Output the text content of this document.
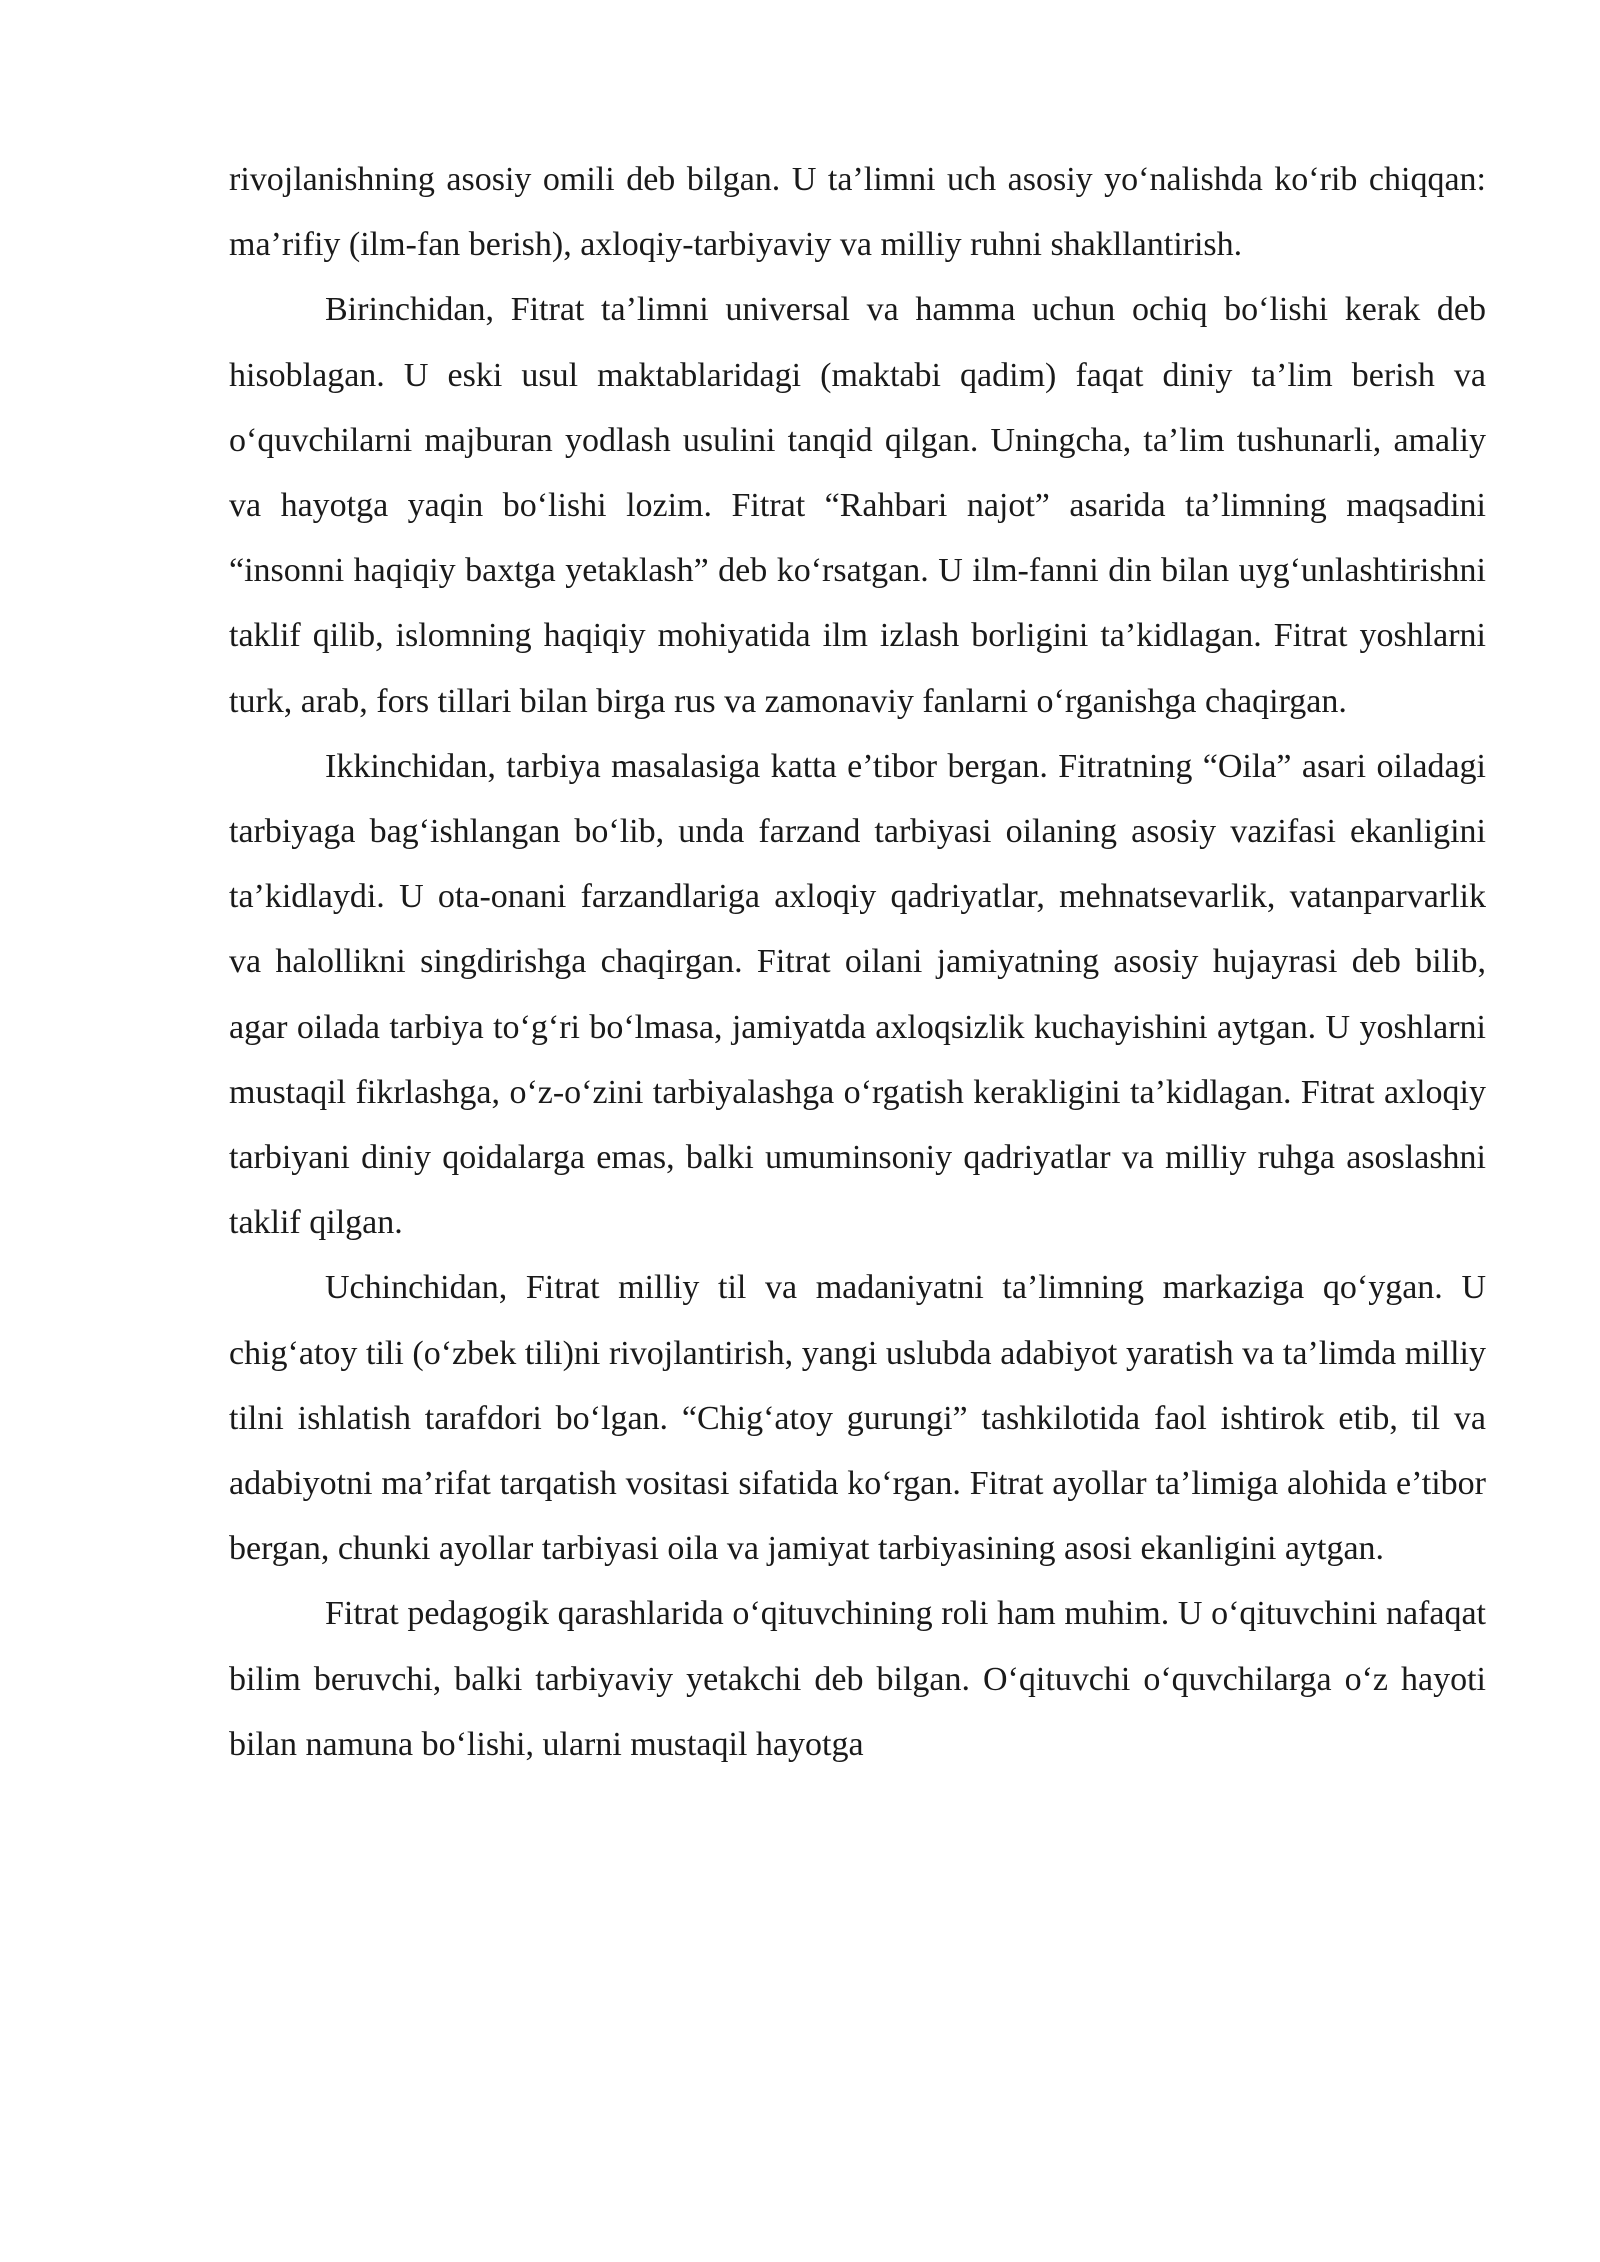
rivojlanishning asosiy omili deb bilgan. U ta’limni uch asosiy yo‘nalishda ko‘rib chiqqan: ma’rifiy (ilm-fan berish), axloqiy-tarbiyaviy va milliy ruhni shakllantirish.

Birinchidan, Fitrat ta’limni universal va hamma uchun ochiq bo‘lishi kerak deb hisoblagan. U eski usul maktablaridagi (maktabi qadim) faqat diniy ta’lim berish va o‘quvchilarni majburan yodlash usulini tanqid qilgan. Uningcha, ta’lim tushunarli, amaliy va hayotga yaqin bo‘lishi lozim. Fitrat “Rahbari najot” asarida ta’limning maqsadini “insonni haqiqiy baxtga yetaklash” deb ko‘rsatgan. U ilm-fanni din bilan uyg‘unlashtirishni taklif qilib, islomning haqiqiy mohiyatida ilm izlash borligini ta’kidlagan. Fitrat yoshlarni turk, arab, fors tillari bilan birga rus va zamonaviy fanlarni o‘rganishga chaqirgan.

Ikkinchidan, tarbiya masalasiga katta e’tibor bergan. Fitratning “Oila” asari oiladagi tarbiyaga bag‘ishlangan bo‘lib, unda farzand tarbiyasi oilaning asosiy vazifasi ekanligini ta’kidlaydi. U ota-onani farzandlariga axloqiy qadriyatlar, mehnatsevarlik, vatanparvarlik va halollikni singdirishga chaqirgan. Fitrat oilani jamiyatning asosiy hujayrasi deb bilib, agar oilada tarbiya to‘g‘ri bo‘lmasa, jamiyatda axloqsizlik kuchayishini aytgan. U yoshlarni mustaqil fikrlashga, o‘z-o‘zini tarbiyalashga o‘rgatish kerakligini ta’kidlagan. Fitrat axloqiy tarbiyani diniy qoidalarga emas, balki umuminsoniy qadriyatlar va milliy ruhga asoslashni taklif qilgan.

Uchinchidan, Fitrat milliy til va madaniyatni ta’limning markaziga qo‘ygan. U chig‘atoy tili (o‘zbek tili)ni rivojlantirish, yangi uslubda adabiyot yaratish va ta’limda milliy tilni ishlatish tarafdori bo‘lgan. “Chig‘atoy gurungi” tashkilotida faol ishtirok etib, til va adabiyotni ma’rifat tarqatish vositasi sifatida ko‘rgan. Fitrat ayollar ta’limiga alohida e’tibor bergan, chunki ayollar tarbiyasi oila va jamiyat tarbiyasining asosi ekanligini aytgan.

Fitrat pedagogik qarashlarida o‘qituvchining roli ham muhim. U o‘qituvchini nafaqat bilim beruvchi, balki tarbiyaviy yetakchi deb bilgan. O‘qituvchi o‘quvchilarga o‘z hayoti bilan namuna bo‘lishi, ularni mustaqil hayotga
